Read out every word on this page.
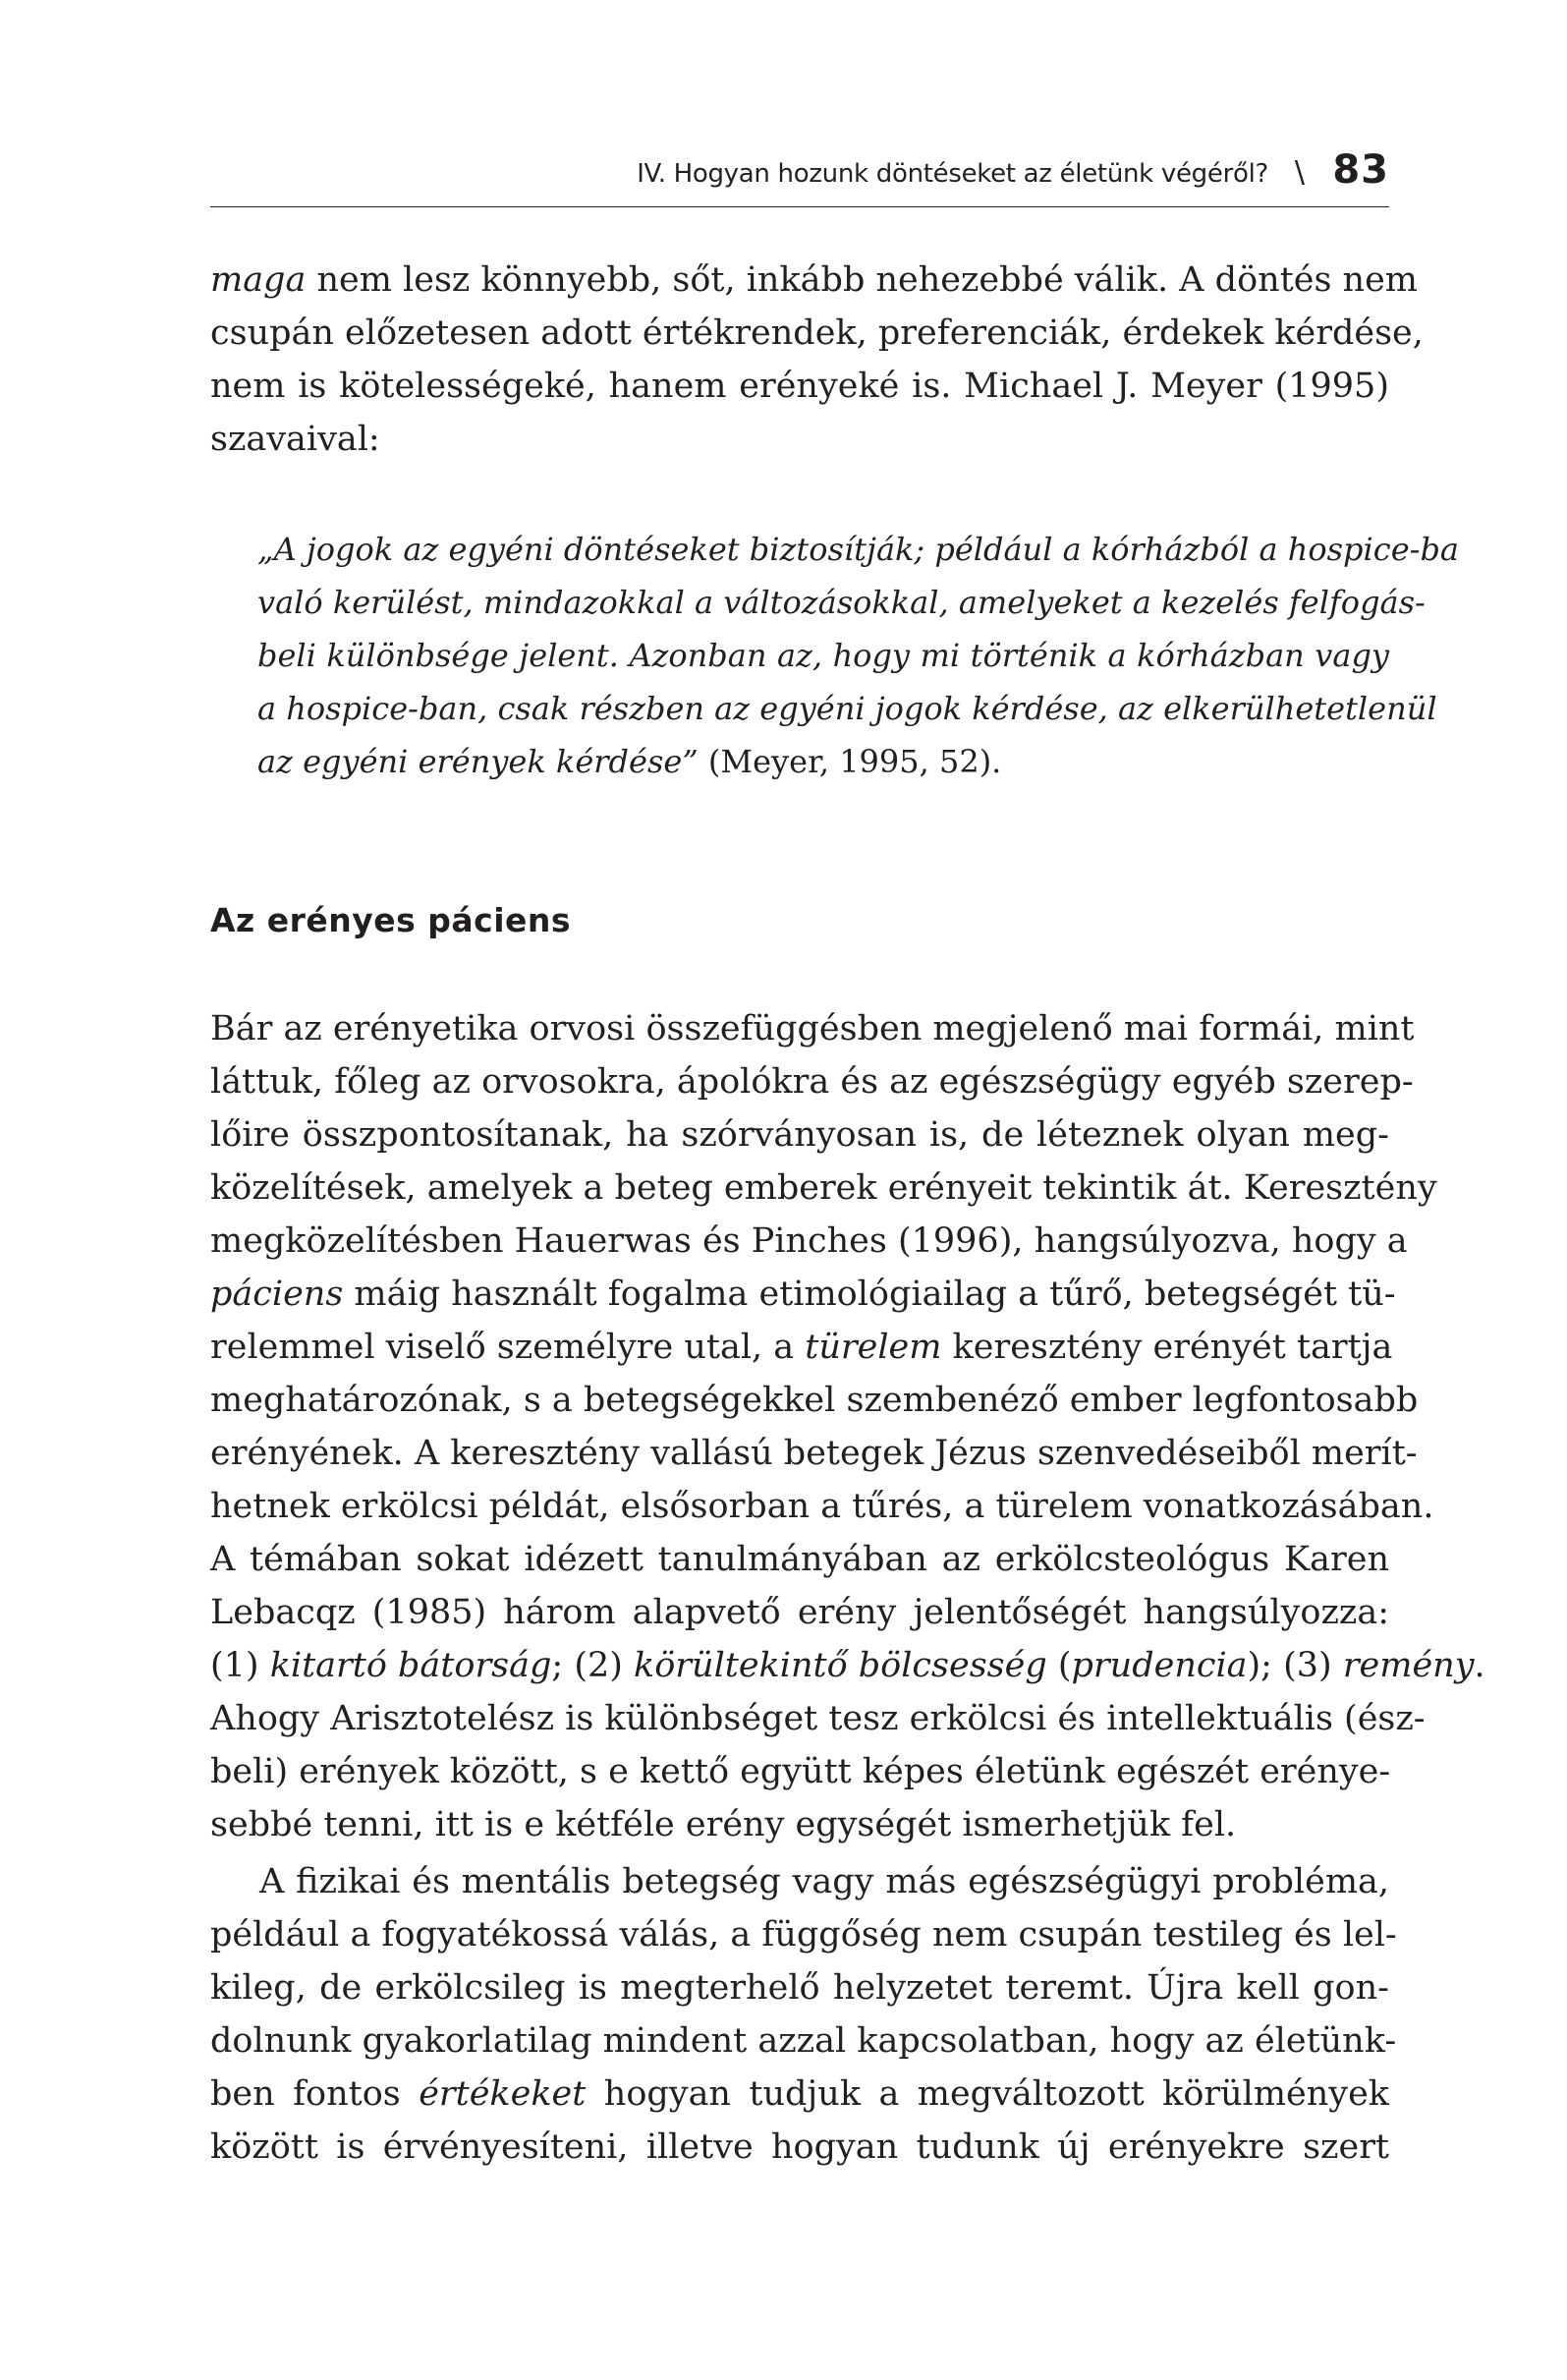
IV. Hogyan hozunk döntéseket az életünk végéről? \ 83
maga nem lesz könnyebb, sőt, inkább nehezebbé válik. A döntés nem
csupán előzetesen adott értékrendek, preferenciák, érdekek kérdése,
nem is kötelességeké, hanem erényeké is. Michael J. Meyer (1995)
szavaival:
„A jogok az egyéni döntéseket biztosítják; például a kórházból a hospice-ba
való kerülést, mindazokkal a változásokkal, amelyeket a kezelés felfogás-
beli különbsége jelent. Azonban az, hogy mi történik a kórházban vagy
a hospice-ban, csak részben az egyéni jogok kérdése, az elkerülhetetlenül
az egyéni erények kérdése” (Meyer, 1995, 52).
Az erényes páciens
Bár az erényetika orvosi összefüggésben megjelenő mai formái, mint
láttuk, főleg az orvosokra, ápolókra és az egészségügy egyéb szerep-
lőire összpontosítanak, ha szórványosan is, de léteznek olyan meg-
közelítések, amelyek a beteg emberek erényeit tekintik át. Keresztény
megközelítésben Hauerwas és Pinches (1996), hangsúlyozva, hogy a
páciens máig használt fogalma etimológiailag a tűrő, betegségét tü-
relemmel viselő személyre utal, a türelem keresztény erényét tartja
meghatározónak, s a betegségekkel szembenéző ember legfontosabb
erényének. A keresztény vallású betegek Jézus szenvedéseiből merít-
hetnek erkölcsi példát, elsősorban a tűrés, a türelem vonatkozásában.
A témában sokat idézett tanulmányában az erkölcsteológus Karen
Lebacqz (1985) három alapvető erény jelentőségét hangsúlyozza:
(1) kitartó bátorság; (2) körültekintő bölcsesség (prudencia); (3) remény.
Ahogy Arisztotelész is különbséget tesz erkölcsi és intellektuális (ész-
beli) erények között, s e kettő együtt képes életünk egészét erénye-
sebbé tenni, itt is e kétféle erény egységét ismerhetjük fel.
A fizikai és mentális betegség vagy más egészségügyi probléma,
például a fogyatékossá válás, a függőség nem csupán testileg és lel-
kileg, de erkölcsileg is megterhelő helyzetet teremt. Újra kell gon-
dolnunk gyakorlatilag mindent azzal kapcsolatban, hogy az életünk-
ben fontos értékeket hogyan tudjuk a megváltozott körülmények
között is érvényesíteni, illetve hogyan tudunk új erényekre szert
